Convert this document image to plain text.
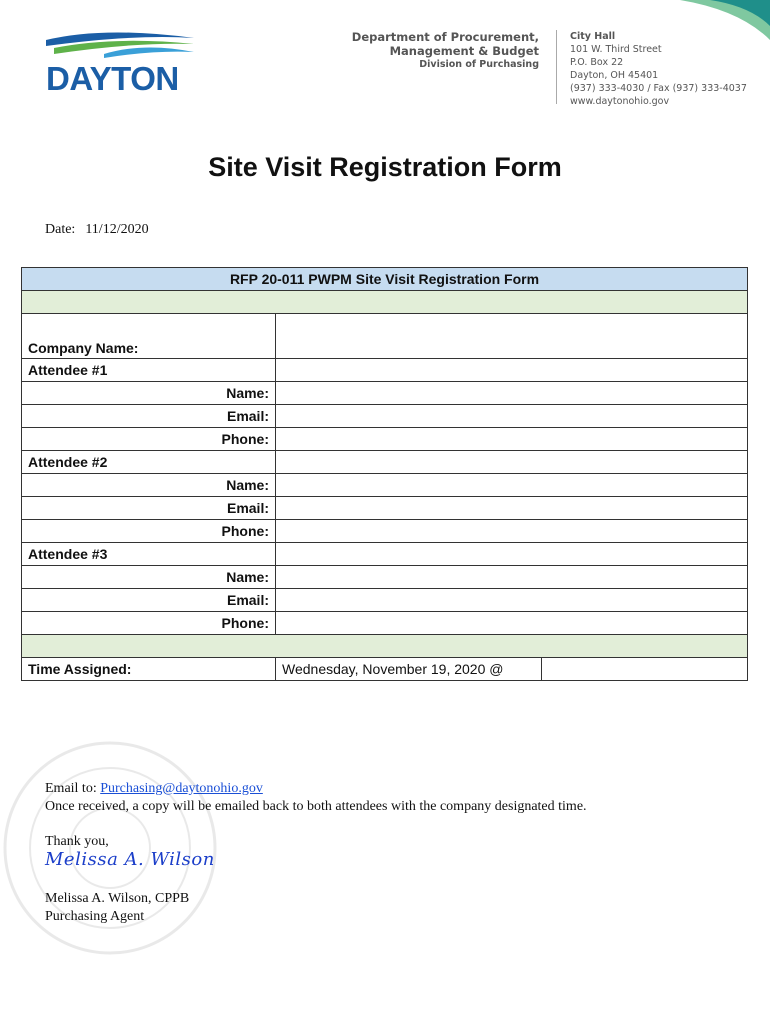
DAYTON
Department of Procurement,
Management & Budget
Division of Purchasing
City Hall
101 W. Third Street
P.O. Box 22
Dayton, OH 45401
(937) 333-4030 / Fax (937) 333-4037
www.daytonohio.gov
Site Visit Registration Form
Date: 11/12/2020
RFP 20-011 PWPM Site Visit Registration Form		

Company Name:		
Attendee #1		
Name:		
Email:		
Phone:		
Attendee #2		
Name:		
Email:		
Phone:		
Attendee #3		
Name:		
Email:		
Phone:		

Time Assigned:	Wednesday, November 19, 2020 @	
Email to: Purchasing@daytonohio.gov
Once received, a copy will be emailed back to both attendees with the company designated time.
Thank you,
Melissa A. Wilson
Melissa A. Wilson, CPPB
Purchasing Agent
